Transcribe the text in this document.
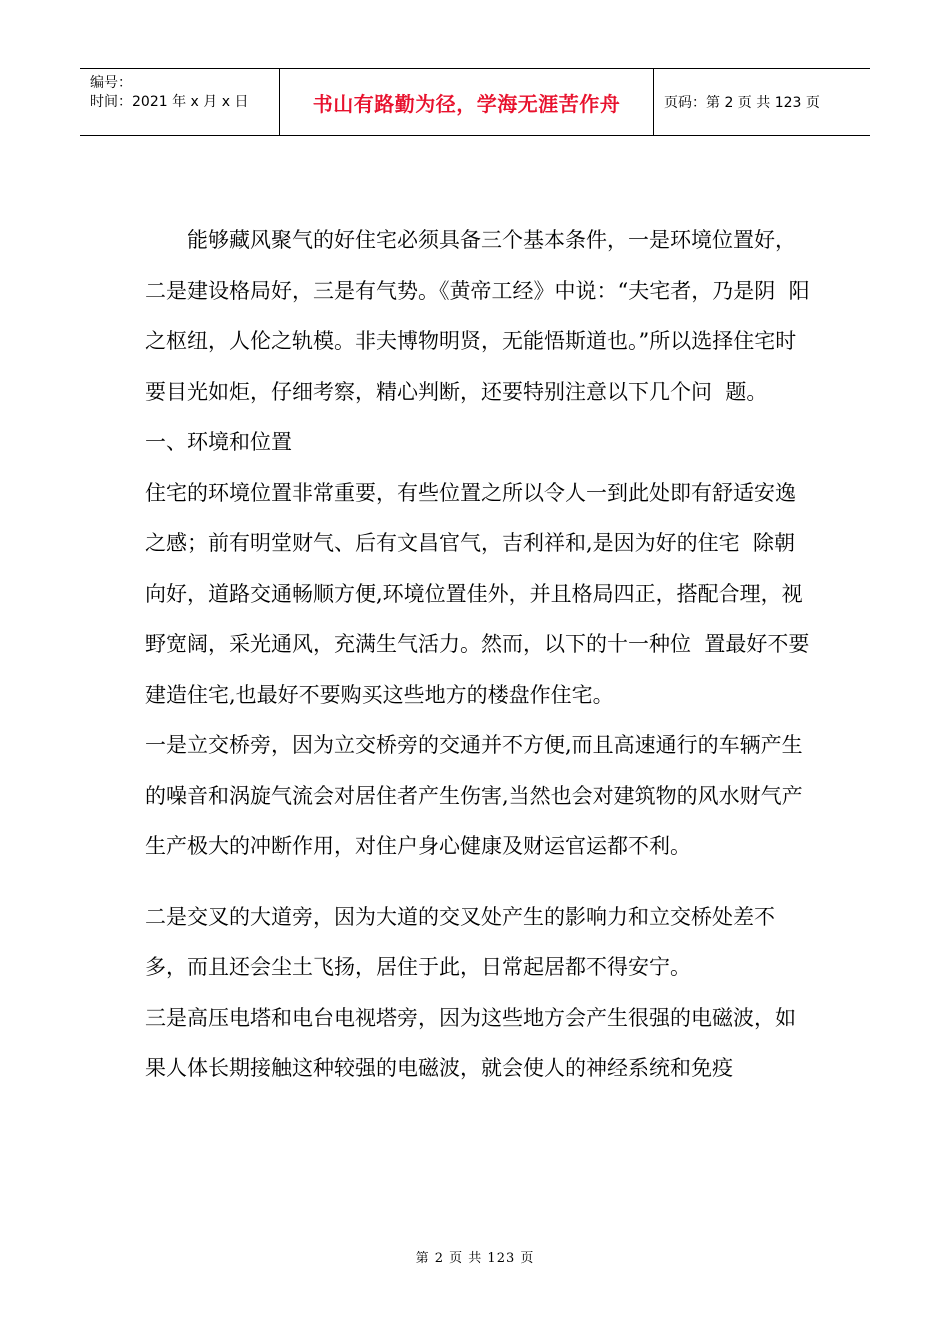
编号：
时间：2021 年 x 月 x 日	书山有路勤为径，学海无涯苦作舟	页码：第 2 页 共 123 页

能够藏风聚气的好住宅必须具备三个基本条件，一是环境位置好，二是建设格局好，三是有气势。《黄帝工经》中说：“夫宅者，乃是阴  阳之枢纽，人伦之轨模。非夫博物明贤，无能悟斯道也。”所以选择住宅时要目光如炬，仔细考察，精心判断，还要特别注意以下几个问  题。

一、环境和位置

住宅的环境位置非常重要，有些位置之所以令人一到此处即有舒适安逸之感；前有明堂财气、后有文昌官气，吉利祥和,是因为好的住宅  除朝向好，道路交通畅顺方便,环境位置佳外，并且格局四正，搭配合理，视野宽阔，采光通风，充满生气活力。然而，以下的十一种位  置最好不要建造住宅,也最好不要购买这些地方的楼盘作住宅。

一是立交桥旁，因为立交桥旁的交通并不方便,而且高速通行的车辆产生的噪音和涡旋气流会对居住者产生伤害,当然也会对建筑物的风水财气产生产极大的冲断作用，对住户身心健康及财运官运都不利。

二是交叉的大道旁，因为大道的交叉处产生的影响力和立交桥处差不多，而且还会尘土飞扬，居住于此，日常起居都不得安宁。

三是高压电塔和电台电视塔旁，因为这些地方会产生很强的电磁波，如果人体长期接触这种较强的电磁波，就会使人的神经系统和免疫

第 2 页 共 123 页
